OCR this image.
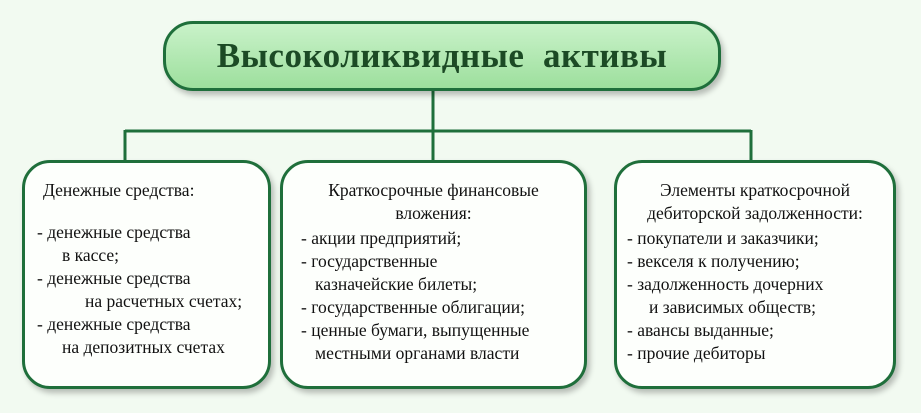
Высоколиквидные  активы
Денежные средства:
- денежные средства
в кассе;
- денежные средства
на расчетных счетах;
- денежные средства
на депозитных счетах
Краткосрочные финансовые
вложения:
- акции предприятий;
- государственные
казначейские билеты;
- государственные облигации;
- ценные бумаги, выпущенные
местными органами власти
Элементы краткосрочной
дебиторской задолженности:
- покупатели и заказчики;
- векселя к получению;
- задолженность дочерних
и зависимых обществ;
- авансы выданные;
- прочие дебиторы
